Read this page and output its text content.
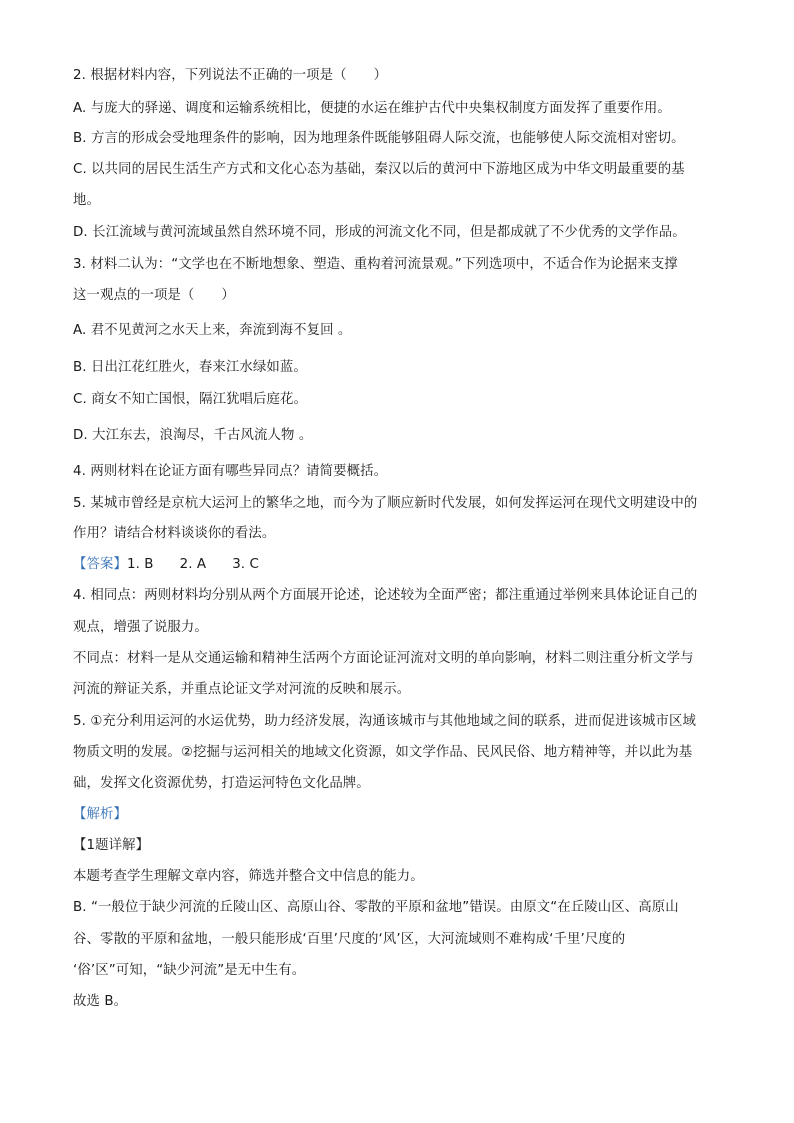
2. 根据材料内容，下列说法不正确的一项是（　　）
A. 与庞大的驿递、调度和运输系统相比，便捷的水运在维护古代中央集权制度方面发挥了重要作用。
B. 方言的形成会受地理条件的影响，因为地理条件既能够阻碍人际交流，也能够使人际交流相对密切。
C. 以共同的居民生活生产方式和文化心态为基础，秦汉以后的黄河中下游地区成为中华文明最重要的基
地。
D. 长江流域与黄河流域虽然自然环境不同，形成的河流文化不同，但是都成就了不少优秀的文学作品。
3. 材料二认为：“文学也在不断地想象、塑造、重构着河流景观。”下列选项中，不适合作为论据来支撑
这一观点的一项是（　　）
A. 君不见黄河之水天上来，奔流到海不复回 。
B. 日出江花红胜火，春来江水绿如蓝。
C. 商女不知亡国恨，隔江犹唱后庭花。
D. 大江东去，浪淘尽，千古风流人物 。
4. 两则材料在论证方面有哪些异同点？请简要概括。
5. 某城市曾经是京杭大运河上的繁华之地，而今为了顺应新时代发展，如何发挥运河在现代文明建设中的
作用？请结合材料谈谈你的看法。
【答案】1. B 2. A 3. C
4. 相同点：两则材料均分别从两个方面展开论述，论述较为全面严密；都注重通过举例来具体论证自己的
观点，增强了说服力。
不同点：材料一是从交通运输和精神生活两个方面论证河流对文明的单向影响，材料二则注重分析文学与
河流的辩证关系，并重点论证文学对河流的反映和展示。
5. ①充分利用运河的水运优势，助力经济发展，沟通该城市与其他地域之间的联系，进而促进该城市区域
物质文明的发展。②挖掘与运河相关的地域文化资源，如文学作品、民风民俗、地方精神等，并以此为基
础，发挥文化资源优势，打造运河特色文化品牌。
【解析】
【1题详解】
本题考查学生理解文章内容，筛选并整合文中信息的能力。
B. “一般位于缺少河流的丘陵山区、高原山谷、零散的平原和盆地”错误。由原文“在丘陵山区、高原山
谷、零散的平原和盆地，一般只能形成‘百里’尺度的‘风’区，大河流域则不难构成‘千里’尺度的
‘俗’区”可知，“缺少河流”是无中生有。
故选 B。
